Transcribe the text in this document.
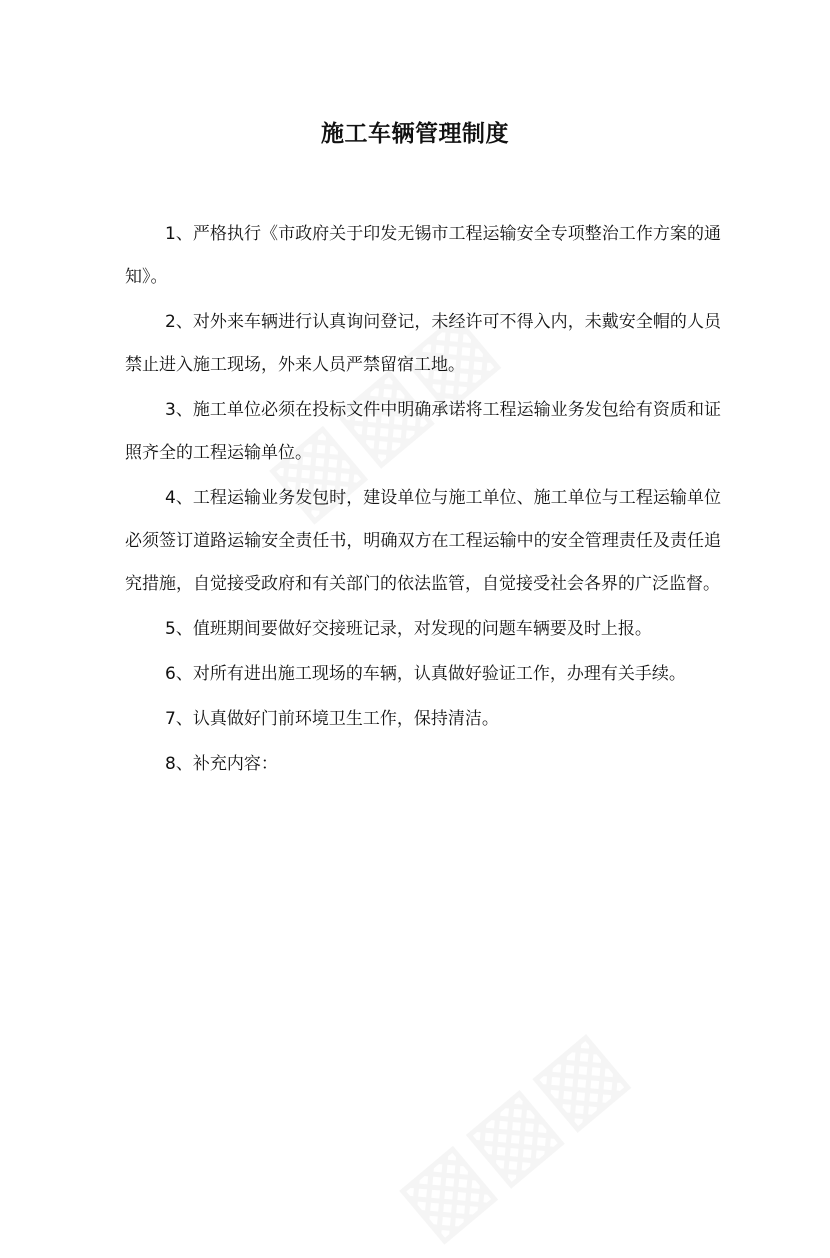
施工车辆管理制度

1、严格执行《市政府关于印发无锡市工程运输安全专项整治工作方案的通知》。

2、对外来车辆进行认真询问登记，未经许可不得入内，未戴安全帽的人员禁止进入施工现场，外来人员严禁留宿工地。

3、施工单位必须在投标文件中明确承诺将工程运输业务发包给有资质和证照齐全的工程运输单位。

4、工程运输业务发包时，建设单位与施工单位、施工单位与工程运输单位必须签订道路运输安全责任书，明确双方在工程运输中的安全管理责任及责任追究措施，自觉接受政府和有关部门的依法监管，自觉接受社会各界的广泛监督。

5、值班期间要做好交接班记录，对发现的问题车辆要及时上报。

6、对所有进出施工现场的车辆，认真做好验证工作，办理有关手续。

7、认真做好门前环境卫生工作，保持清洁。

8、补充内容：
